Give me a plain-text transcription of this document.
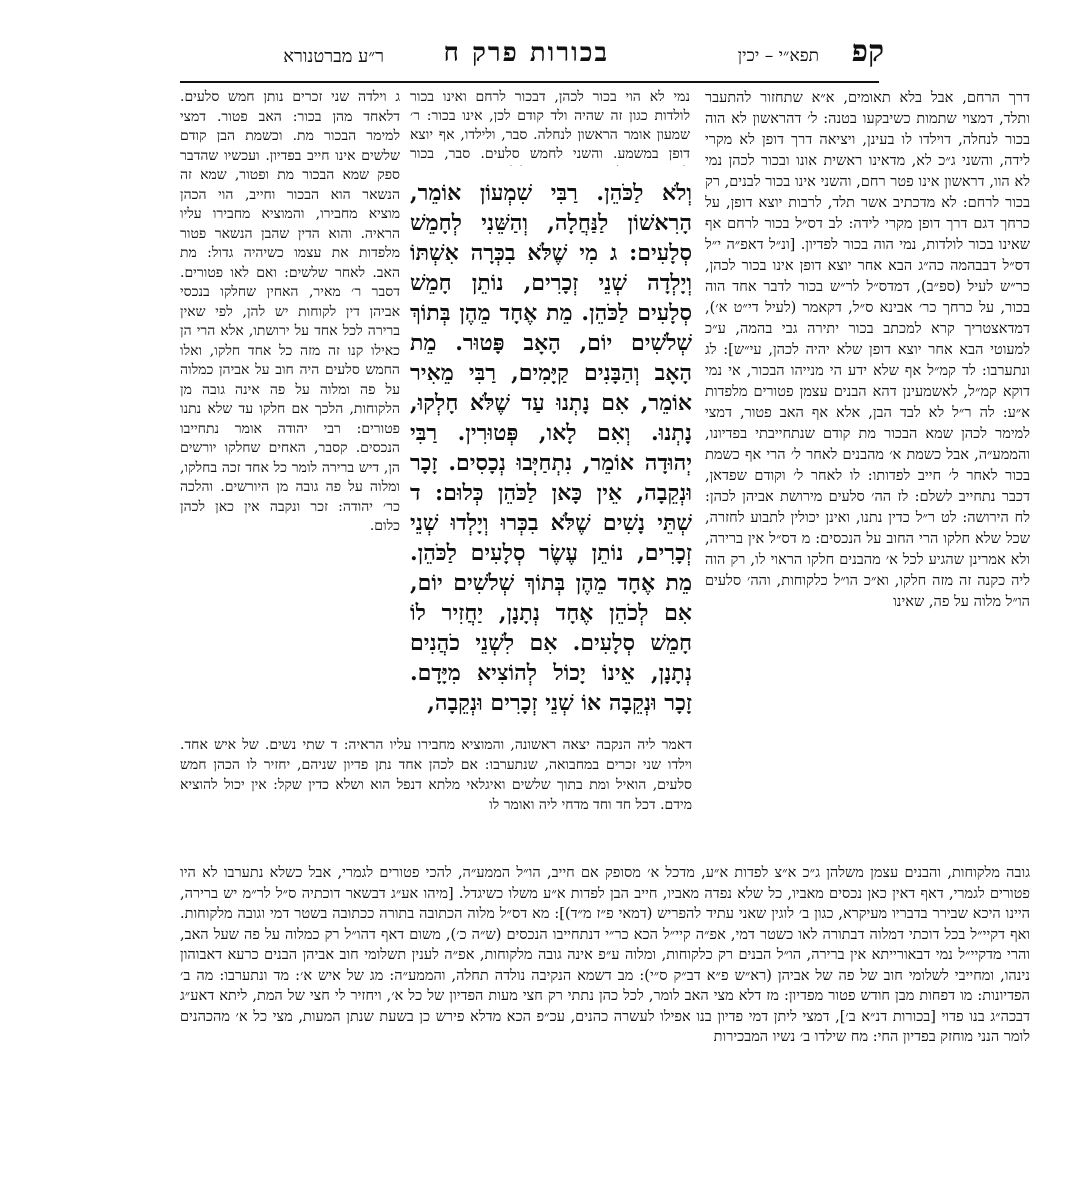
קפ
תפא״י – יכין
בכורות פרק ח
ר״ע מברטנורא
דרך הרחם, אבל בלא תאומים, א״א שתחזור להתעבר ותלד, דמצוי שתמות כשיבקעו בטנה: ל׳ דהראשון לא הוה בכור לנחלה, דוילדו לו בעינן, ויציאה דרך דופן לא מקרי לידה, והשני ג״כ לא, מדאינו ראשית אונו ובכור לכהן נמי לא הוו, דראשון אינו פטר רחם, והשני אינו בכור לבנים, רק בכור לרחם: לא מדכתיב אשר תלד, לרבות יוצא דופן, על כרחך דגם דרך דופן מקרי לידה: לב דס״ל בכור לרחם אף שאינו בכור לולדות, נמי הוה בכור לפדיון. [ונ״ל דאפ״ה י״ל דס״ל דבבהמה כה״ג הבא אחר יוצא דופן אינו בכור לכהן, כר״ש לעיל (ספ״ב), דמדס״ל לר״ש בכור לדבר אחד הוה בכור, על כרחך כר׳ אבינא ס״ל, דקאמר (לעיל די״ט א׳), דמדאצטריך קרא למכתב בכור יתירה גבי בהמה, ע״כ למעוטי הבא אחר יוצא דופן שלא יהיה לכהן, עי״ש]: לג ונתערבו: לד קמ״ל אף שלא ידע הי מנייהו הבכור, אי נמי דוקא קמ״ל, לאשמעינן דהא הבנים עצמן פטורים מלפדות א״ע: לה ר״ל לא לבד הבן, אלא אף האב פטור, דמצי למימר לכהן שמא הבכור מת קודם שנתחייבתי בפדיונו, והממע״ה, אבל כשמת א׳ מהבנים לאחר ל׳ הרי אף כשמת בכור לאחר ל׳ חייב לפדותו: לו לאחר ל׳ וקודם שפדאן, דכבר נתחייב לשלם: לז הה׳ סלעים מירושת אביהן לכהן: לח הירושה: לט ר״ל כדין נתנו, ואינן יכולין לתבוע לחזרה, שכל שלא חלקו הרי החוב על הנכסים: מ דס״ל אין ברירה, ולא אמרינן שהגיע לכל א׳ מהבנים חלקו הראוי לו, רק הוה ליה כקנה זה מזה חלקו, וא״כ הו״ל כלקוחות, והה׳ סלעים הו״ל מלוה על פה, שאינו
נמי לא הוי בכור לכהן, דבכור לרחם ואינו בכור לולדות כגון זה שהיה ולד קודם לכן, אינו בכור: ר׳ שמעון אומר הראשון לנחלה. סבר, ולילדו, אף יוצא דופן במשמע. והשני לחמש סלעים. סבר, בכור
וְלֹא לַכֹּהֵן. רַבִּי שִׁמְעוֹן אוֹמֵר, הָרִאשׁוֹן לַנַּחֲלָה, וְהַשֵּׁנִי לְחָמֵשׁ סְלָעִים: ג מִי שֶׁלֹּא בִכְּרָה אִשְׁתּוֹ וְיָלְדָה שְׁנֵי זְכָרִים, נוֹתֵן חָמֵשׁ סְלָעִים לַכֹּהֵן. מֵת אֶחָד מֵהֶן בְּתוֹךְ שְׁלֹשִׁים יוֹם, הָאָב פָּטוּר. מֵת הָאָב וְהַבָּנִים קַיָּמִים, רַבִּי מֵאִיר אוֹמֵר, אִם נָתְנוּ עַד שֶׁלֹּא חָלְקוּ, נָתְנוּ. וְאִם לָאו, פְּטוּרִין. רַבִּי יְהוּדָה אוֹמֵר, נִתְחַיְּבוּ נְכָסִים. זָכָר וּנְקֵבָה, אֵין כָּאן לַכֹּהֵן כְּלוּם: ד שְׁתֵּי נָשִׁים שֶׁלֹּא בִכְּרוּ וְיָלְדוּ שְׁנֵי זְכָרִים, נוֹתֵן עֶשֶׂר סְלָעִים לַכֹּהֵן. מֵת אֶחָד מֵהֶן בְּתוֹךְ שְׁלֹשִׁים יוֹם, אִם לְכֹהֵן אֶחָד נְתָנָן, יַחֲזִיר לוֹ חָמֵשׁ סְלָעִים. אִם לִשְׁנֵי כֹהֲנִים נְתָנָן, אֵינוֹ יָכוֹל לְהוֹצִיא מִיָּדָם. זָכָר וּנְקֵבָה אוֹ שְׁנֵי זְכָרִים וּנְקֵבָה,
ג וילדה שני זכרים נותן חמש סלעים. דלאחד מהן בכור: האב פטור. דמצי למימר הבכור מת. וכשמת הבן קודם שלשים אינו חייב בפדיון. ועכשיו שהדבר ספק שמא הבכור מת ופטור, שמא זה הנשאר הוא הבכור וחייב, הוי הכהן מוציא מחבירו, והמוציא מחבירו עליו הראיה. והוא הדין שהבן הנשאר פטור מלפדות את עצמו כשיהיה גדול: מת האב. לאחר שלשים: ואם לאו פטורים. דסבר ר׳ מאיר, האחין שחלקו בנכסי אביהן דין לקוחות יש להן, לפי שאין ברירה לכל אחד על ירושתו, אלא הרי הן כאילו קנו זה מזה כל אחד חלקו, ואלו החמש סלעים היה חוב על אביהן כמלוה על פה ומלוה על פה אינה גובה מן הלקוחות, הלכך אם חלקו עד שלא נתנו פטורים: רבי יהודה אומר נתחייבו הנכסים. קסבר, האחים שחלקו יורשים הן, דיש ברירה לומר כל אחד זכה בחלקו, ומלוה על פה גובה מן היורשים. והלכה כר׳ יהודה: זכר ונקבה אין כאן לכהן כלום.
דאמר ליה הנקבה יצאה ראשונה, והמוציא מחבירו עליו הראיה: ד שתי נשים. של איש אחד. וילדו שני זכרים במחבואה, שנתערבו: אם לכהן אחד נתן פדיון שניהם, יחזיר לו הכהן חמש סלעים, הואיל ומת בתוך שלשים ואיגלאי מלתא דנפל הוא ושלא כדין שקל: אין יכול להוציא מידם. דכל חד וחד מדחי ליה ואומר לו
גובה מלקוחות, והבנים עצמן משלהן ג״כ א״צ לפדות א״ע, מדכל א׳ מסופק אם חייב, הו״ל הממע״ה, להכי פטורים לגמרי, אבל כשלא נתערבו לא היו פטורים לגמרי, דאף דאין כאן נכסים מאביו, כל שלא נפדה מאביו, חייב הבן לפדות א״ע משלו כשיגדל. [מיהו אע״ג דבשאר דוכתיה ס״ל לר״מ יש ברירה, היינו היכא שבירר בדבריו מעיקרא, כגון ב׳ לוגין שאני עתיד להפריש (דמאי פ״ז מ״ד)]: מא דס״ל מלוה הכתובה בתורה ככתובה בשטר דמי וגובה מלקוחות. ואף דקיי״ל בכל דוכתי דמלוה דבתורה לאו כשטר דמי, אפ״ה קיי״ל הכא כר״י דנתחייבו הנכסים (ש״ה כ׳), משום דאף דהו״ל רק כמלוה על פה שעל האב, והרי מדקיי״ל נמי דבאורייתא אין ברירה, הו״ל הבנים רק כלקוחות, ומלוה ע״פ אינה גובה מלקוחות, אפ״ה לענין תשלומי חוב אביהן הבנים כרעא דאבוהון נינהו, ומחייבי לשלומי חוב של פה של אביהן (רא״ש פ״א דב״ק ס״י): מב דשמא הנקיבה נולדה תחלה, והממע״ה: מג של איש א׳: מד ונתערבו: מה ב׳ הפדיונות: מו דפחות מבן חודש פטור מפדיון: מז דלא מצי האב לומר, לכל כהן נתתי רק חצי מעות הפדיון של כל א׳, ויחזיר לי חצי של המת, ליתא דאע״ג דבכה״ג בנו פדוי [בכורות דנ״א ב׳], דמצי ליתן דמי פדיון בנו אפילו לעשרה כהנים, עכ״פ הכא מדלא פירש כן בשעת שנתן המעות, מצי כל א׳ מהכהנים לומר הנני מוחזק בפדיון החי: מח שילדו ב׳ נשיו המבכירות
